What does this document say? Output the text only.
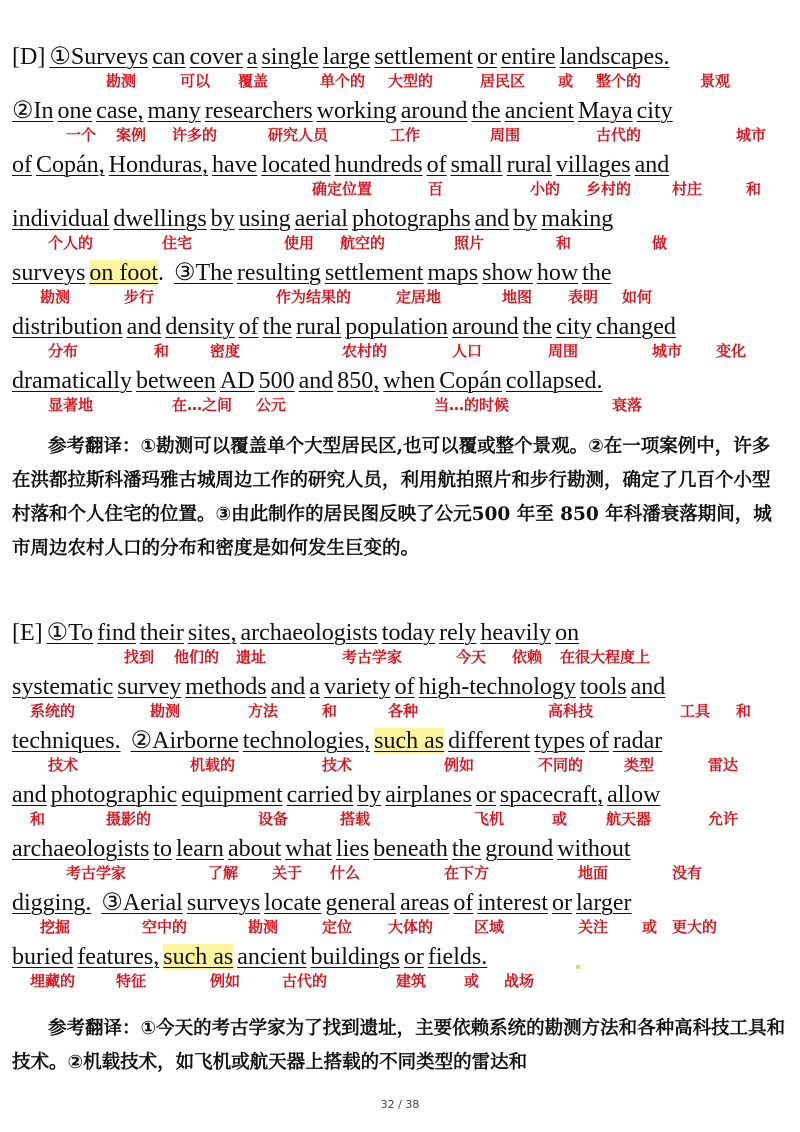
[D] ①Surveys can cover a single large settlement or entire landscapes.
勘测	可以 覆盖	单个的 大型的	居民区 或 整个的	景观
②In one case, many researchers working around the ancient Maya city
一个 案例 许多的	研究人员	工作	周围	古代的	城市
of Copán, Honduras, have located hundreds of small rural villages and
确定位置	百	小的 乡村的	村庄	和
individual dwellings by using aerial photographs and by making
个人的	住宅	使用 航空的	照片	和	做
surveys on foot. ③The resulting settlement maps show how the
勘测	步行	作为结果的	定居地	地图 表明 如何
distribution and density of the rural population around the city changed
分布	和	密度	农村的	人口	周围	城市 变化
dramatically between AD 500 and 850, when Copán collapsed.
显著地	在…之间 公元	当…的时候	衰落
参考翻译：①勘测可以覆盖单个大型居民区,也可以覆或整个景观。②在一项案例中，许多在洪都拉斯科潘玛雅古城周边工作的研究人员，利用航拍照片和步行勘测，确定了几百个小型村落和个人住宅的位置。③由此制作的居民图反映了公元500 年至 850 年科潘衰落期间，城市周边农村人口的分布和密度是如何发生巨变的。
[E] ①To find their sites, archaeologists today rely heavily on
找到 他们的 遗址	考古学家	今天 依赖 在很大程度上
systematic survey methods and a variety of high-technology tools and
系统的	勘测	方法	和	各种	高科技	工具 和
techniques. ②Airborne technologies, such as different types of radar
技术	机载的	技术	例如	不同的	类型	雷达
and photographic equipment carried by airplanes or spacecraft, allow
和	摄影的	设备	搭载	飞机	或	航天器	允许
archaeologists to learn about what lies beneath the ground without
考古学家	了解 关于 什么	在下方	地面	没有
digging. ③Aerial surveys locate general areas of interest or larger
挖掘	空中的	勘测	定位 大体的	区域	关注 或 更大的
buried features, such as ancient buildings or fields.
埋藏的	特征	例如	古代的	建筑	或 战场
参考翻译：①今天的考古学家为了找到遗址，主要依赖系统的勘测方法和各种高科技工具和技术。②机载技术，如飞机或航天器上搭载的不同类型的雷达和
32 / 38
